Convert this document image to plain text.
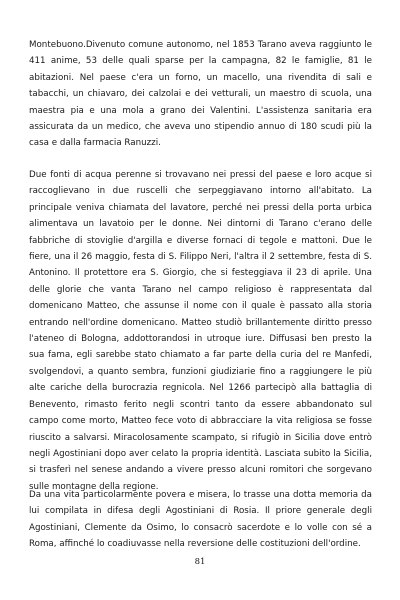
Montebuono.Divenuto comune autonomo, nel 1853 Tarano aveva raggiunto le 411 anime, 53 delle quali sparse per la campagna, 82 le famiglie, 81 le abitazioni. Nel paese c'era un forno, un macello, una rivendita di sali e tabacchi, un chiavaro, dei calzolai e dei vetturali, un maestro di scuola, una maestra pia e una mola a grano dei Valentini. L'assistenza sanitaria era assicurata da un medico, che aveva uno stipendio annuo di 180 scudi più la casa e dalla farmacia Ranuzzi.

Due fonti di acqua perenne si trovavano nei pressi del paese e loro acque si raccoglievano in due ruscelli che serpeggiavano intorno all'abitato. La principale veniva chiamata del lavatore, perché nei pressi della porta urbica alimentava un lavatoio per le donne. Nei dintorni di Tarano c'erano delle fabbriche di stoviglie d'argilla e diverse fornaci di tegole e mattoni. Due le fiere, una il 26 maggio, festa di S. Filippo Neri, l'altra il 2 settembre, festa di S. Antonino. Il protettore era S. Giorgio, che si festeggiava il 23 di aprile. Una delle glorie che vanta Tarano nel campo religioso è rappresentata dal domenicano Matteo, che assunse il nome con il quale è passato alla storia entrando nell'ordine domenicano. Matteo studiò brillantemente diritto presso l'ateneo di Bologna, addottorandosi in utroque iure. Diffusasi ben presto la sua fama, egli sarebbe stato chiamato a far parte della curia del re Manfedi, svolgendovi, a quanto sembra, funzioni giudiziarie fino a raggiungere le più alte cariche della burocrazia regnicola. Nel 1266 partecipò alla battaglia di Benevento, rimasto ferito negli scontri tanto da essere abbandonato sul campo come morto, Matteo fece voto di abbracciare la vita religiosa se fosse riuscito a salvarsi. Miracolosamente scampato, si rifugiò in Sicilia dove entrò negli Agostiniani dopo aver celato la propria identità. Lasciata subito la Sicilia, si trasferì nel senese andando a vivere presso alcuni romitori che sorgevano sulle montagne della regione.

Da una vita particolarmente povera e misera, lo trasse una dotta memoria da lui compilata in difesa degli Agostiniani di Rosia. Il priore generale degli Agostiniani, Clemente da Osimo, lo consacrò sacerdote e lo volle con sé a Roma, affinché lo coadiuvasse nella reversione delle costituzioni dell'ordine.

81
